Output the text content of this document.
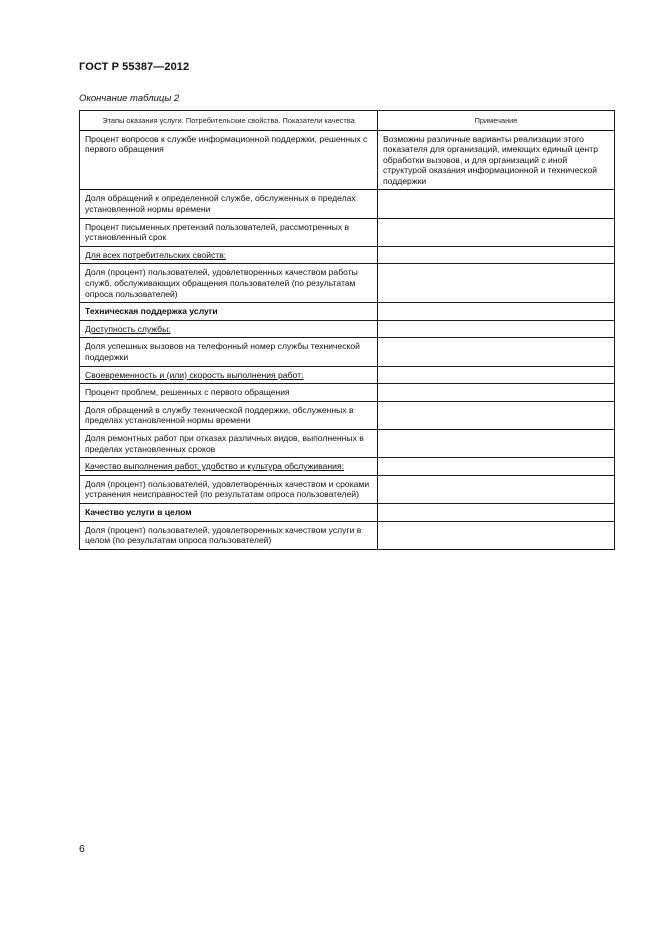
ГОСТ Р 55387—2012
Окончание таблицы 2
Этапы оказания услуги. Потребительские свойства. Показатели качества	Примечание
Процент вопросов к службе информационной поддержки, решенных с первого обращения	Возможны различные варианты реализации этого показателя для организаций, имеющих единый центр обработки вызовов, и для организаций с иной структурой оказания информационной и технической поддержки
Доля обращений к определенной службе, обслуженных в пределах установленной нормы времени	
Процент письменных претензий пользователей, рассмотренных в установленный срок	
Для всех потребительских свойств:	
Доля (процент) пользователей, удовлетворенных качеством работы служб, обслуживающих обращения пользователей (по результатам опроса пользователей)	
Техническая поддержка услуги	
Доступность службы:	
Доля успешных вызовов на телефонный номер службы технической поддержки	
Своевременность и (или) скорость выполнения работ:	
Процент проблем, решенных с первого обращения	
Доля обращений в службу технической поддержки, обслуженных в пределах установленной нормы времени	
Доля ремонтных работ при отказах различных видов, выполненных в пределах установленных сроков	
Качество выполнения работ, удобство и культура обслуживания:	
Доля (процент) пользователей, удовлетворенных качеством и сроками устранения неисправностей (по результатам опроса пользователей)	
Качество услуги в целом	
Доля (процент) пользователей, удовлетворенных качеством услуги в целом (по результатам опроса пользователей)	
6
